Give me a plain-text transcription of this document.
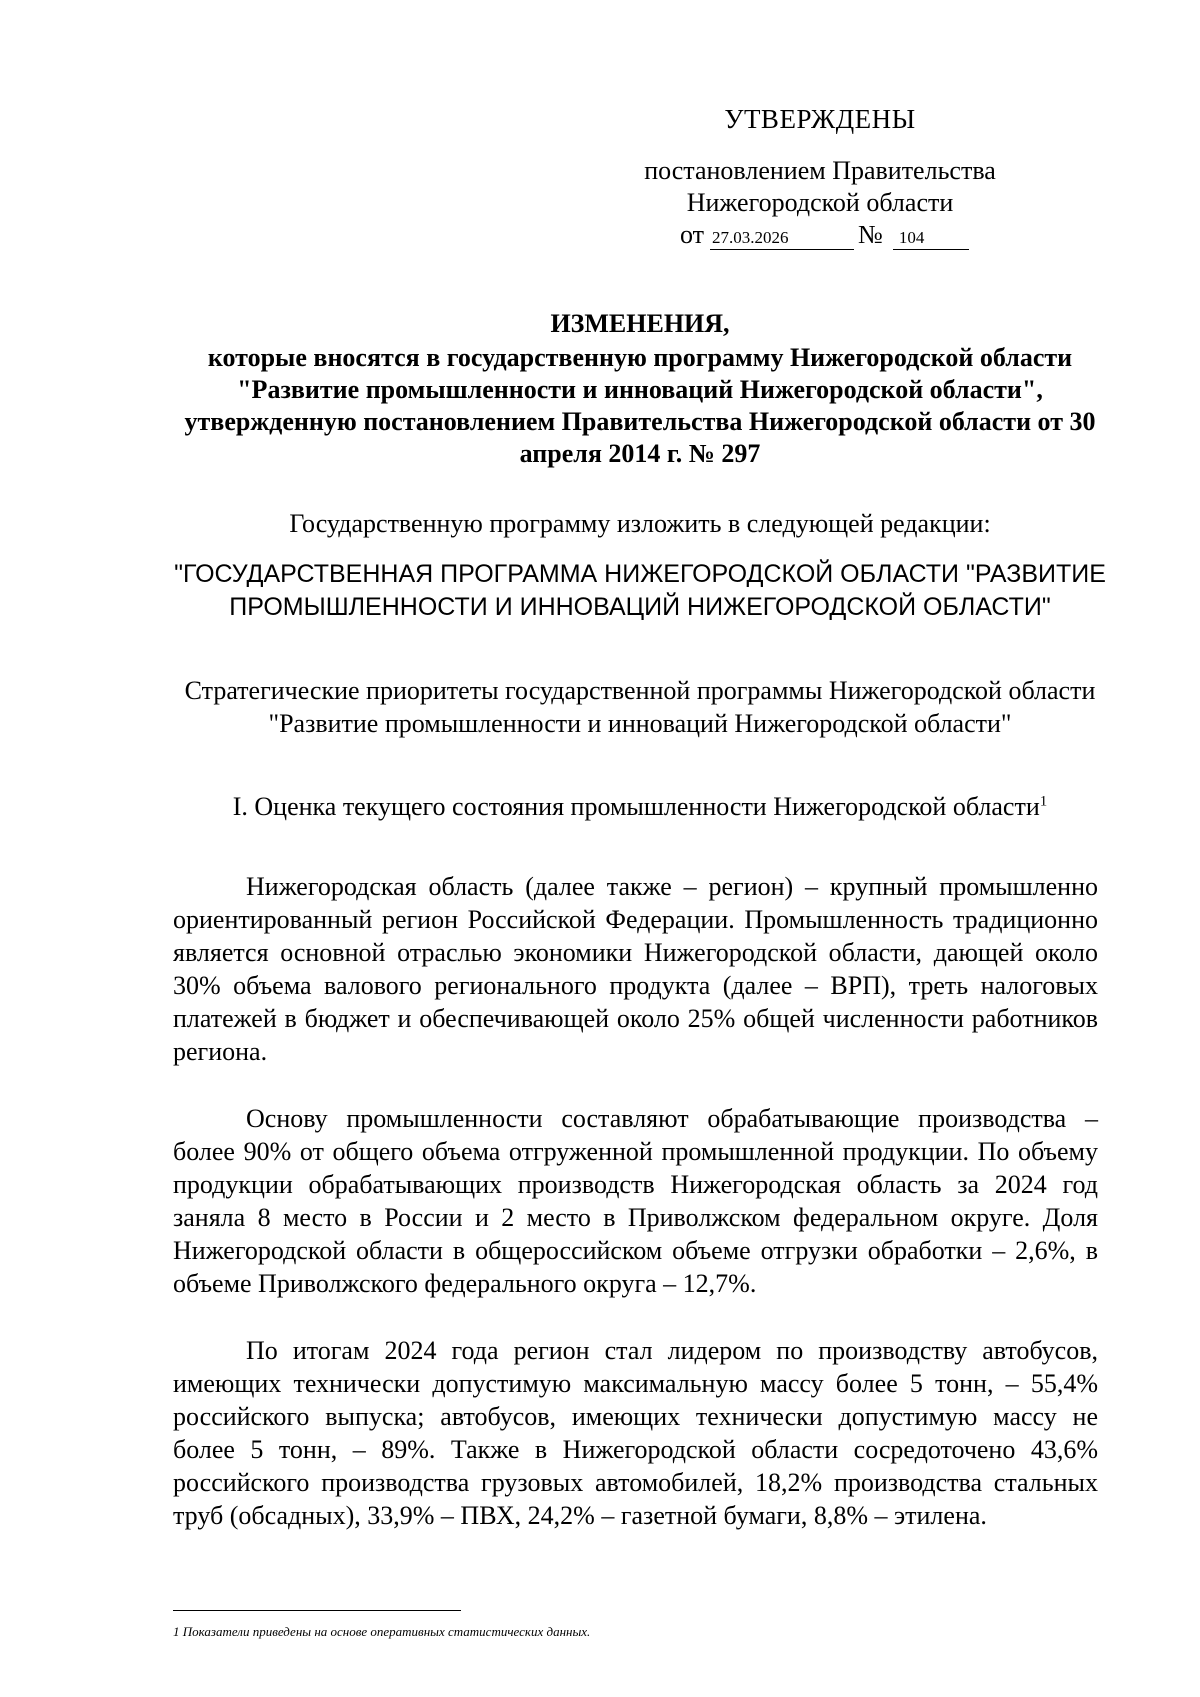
УТВЕРЖДЕНЫ
постановлением Правительства
Нижегородской области
от 27.03.2026	№ 104
ИЗМЕНЕНИЯ,
которые вносятся в государственную программу Нижегородской области "Развитие промышленности и инноваций Нижегородской области", утвержденную постановлением Правительства Нижегородской области от 30 апреля 2014 г. № 297
Государственную программу изложить в следующей редакции:
"ГОСУДАРСТВЕННАЯ ПРОГРАММА НИЖЕГОРОДСКОЙ ОБЛАСТИ "РАЗВИТИЕ ПРОМЫШЛЕННОСТИ И ИННОВАЦИЙ НИЖЕГОРОДСКОЙ ОБЛАСТИ"
Стратегические приоритеты государственной программы Нижегородской области "Развитие промышленности и инноваций Нижегородской области"
I. Оценка текущего состояния промышленности Нижегородской области$^1$

Нижегородская область (далее также – регион) – крупный промышленно ориентированный регион Российской Федерации. Промышленность традиционно является основной отраслью экономики Нижегородской области, дающей около 30% объема валового регионального продукта (далее – ВРП), треть налоговых платежей в бюджет и обеспечивающей около 25% общей численности работников региона.

Основу промышленности составляют обрабатывающие производства – более 90% от общего объема отгруженной промышленной продукции. По объему продукции обрабатывающих производств Нижегородская область за 2024 год заняла 8 место в России и 2 место в Приволжском федеральном округе. Доля Нижегородской области в общероссийском объеме отгрузки обработки – 2,6%, в объеме Приволжского федерального округа – 12,7%.

По итогам 2024 года регион стал лидером по производству автобусов, имеющих технически допустимую максимальную массу более 5 тонн, – 55,4% российского выпуска; автобусов, имеющих технически допустимую массу не более 5 тонн, – 89%. Также в Нижегородской области сосредоточено 43,6% российского производства грузовых автомобилей, 18,2% производства стальных труб (обсадных), 33,9% – ПВХ, 24,2% – газетной бумаги, 8,8% – этилена.

1 Показатели приведены на основе оперативных статистических данных.
